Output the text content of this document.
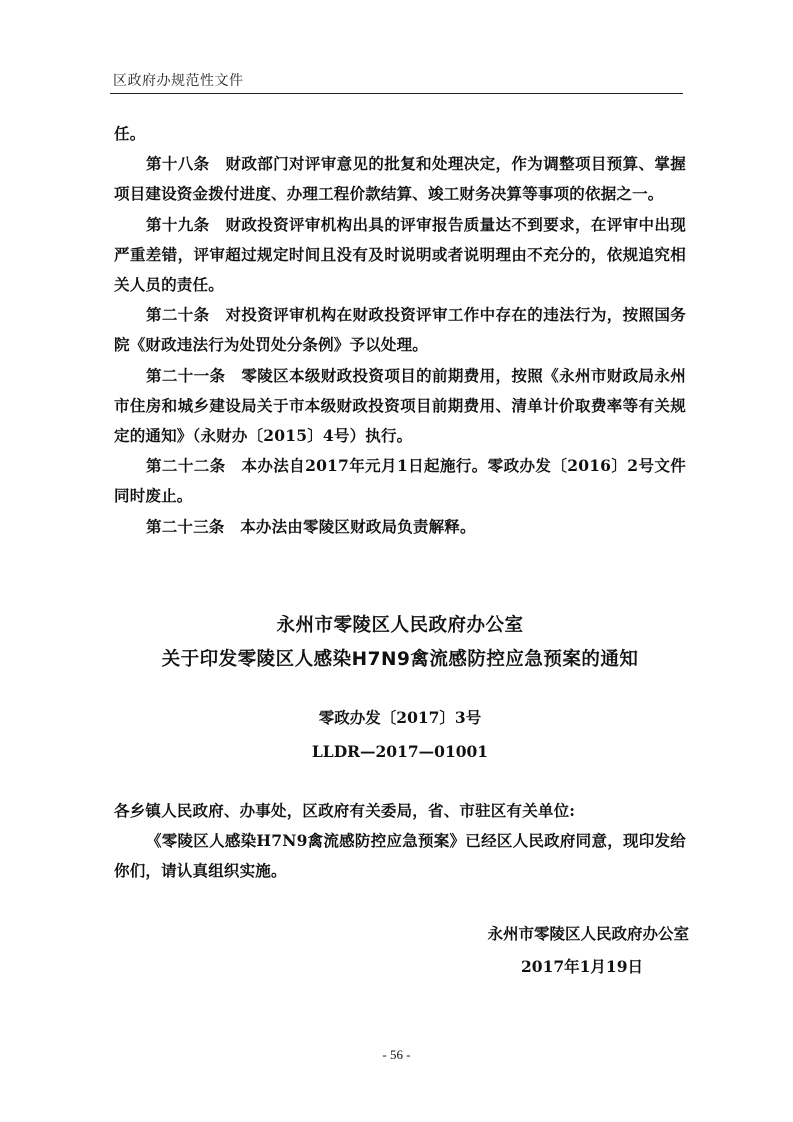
区政府办规范性文件

任。

第十八条　财政部门对评审意见的批复和处理决定，作为调整项目预算、掌握项目建设资金拨付进度、办理工程价款结算、竣工财务决算等事项的依据之一。

第十九条　财政投资评审机构出具的评审报告质量达不到要求，在评审中出现严重差错，评审超过规定时间且没有及时说明或者说明理由不充分的，依规追究相关人员的责任。

第二十条　对投资评审机构在财政投资评审工作中存在的违法行为，按照国务院《财政违法行为处罚处分条例》予以处理。

第二十一条　零陵区本级财政投资项目的前期费用，按照《永州市财政局永州市住房和城乡建设局关于市本级财政投资项目前期费用、清单计价取费率等有关规定的通知》（永财办〔2015〕4号）执行。

第二十二条　本办法自2017年元月1日起施行。零政办发〔2016〕2号文件同时废止。

第二十三条　本办法由零陵区财政局负责解释。

永州市零陵区人民政府办公室
关于印发零陵区人感染H7N9禽流感防控应急预案的通知
零政办发〔2017〕3号
LLDR—2017—01001

各乡镇人民政府、办事处，区政府有关委局，省、市驻区有关单位:

《零陵区人感染H7N9禽流感防控应急预案》已经区人民政府同意，现印发给你们，请认真组织实施。

永州市零陵区人民政府办公室
2017年1月19日
- 56 -
